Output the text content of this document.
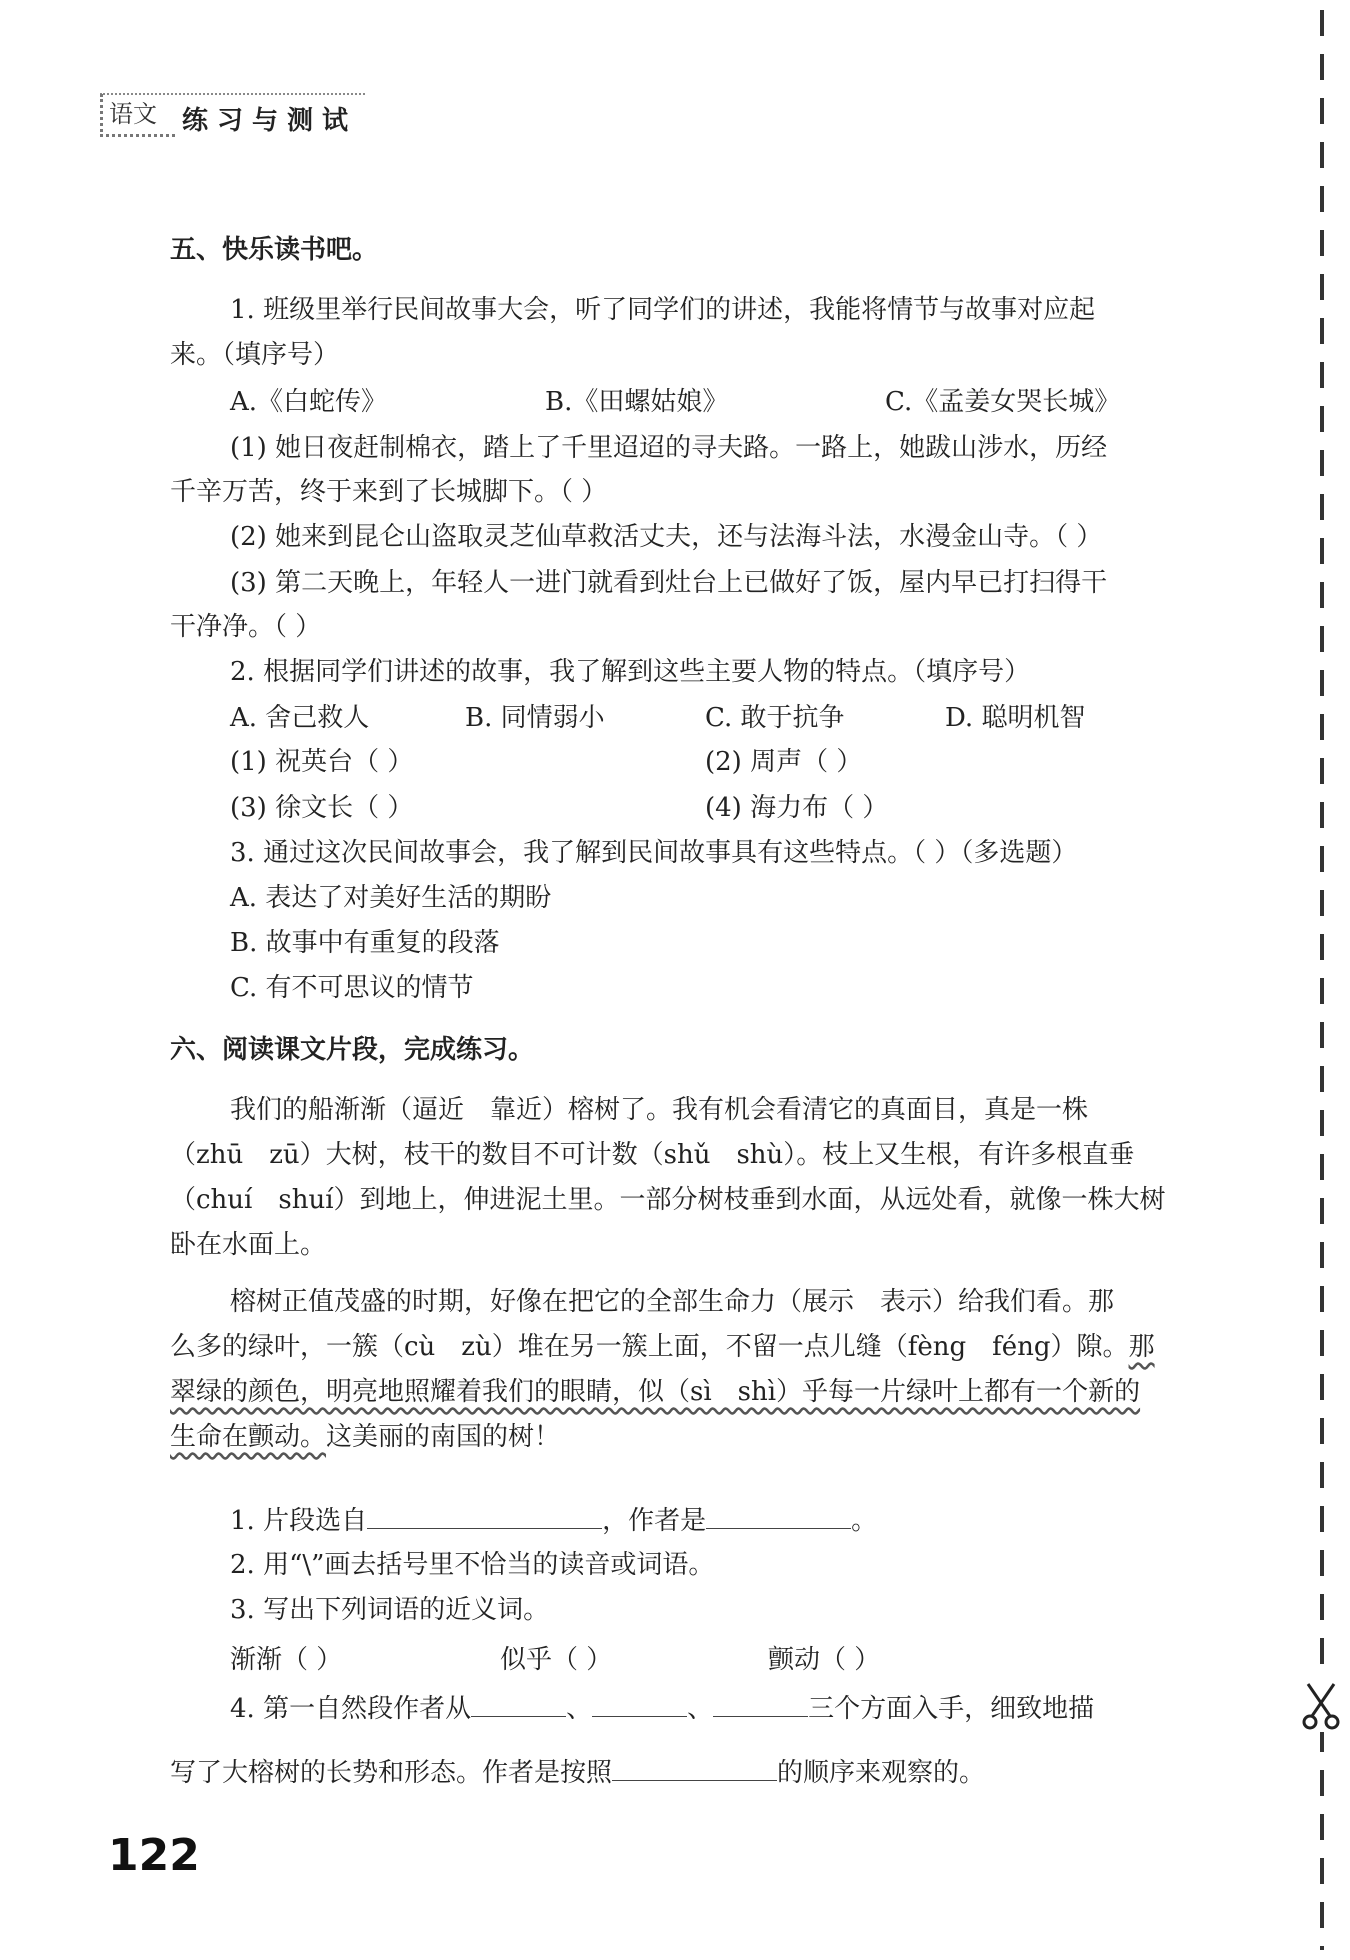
语文 练习与测试
五、快乐读书吧。
1. 班级里举行民间故事大会，听了同学们的讲述，我能将情节与故事对应起
来。（填序号）
A.《白蛇传》	B.《田螺姑娘》	C.《孟姜女哭长城》
(1) 她日夜赶制棉衣，踏上了千里迢迢的寻夫路。一路上，她跋山涉水，历经
千辛万苦，终于来到了长城脚下。（ ）
(2) 她来到昆仑山盗取灵芝仙草救活丈夫，还与法海斗法，水漫金山寺。（ ）
(3) 第二天晚上，年轻人一进门就看到灶台上已做好了饭，屋内早已打扫得干
干净净。（ ）
2. 根据同学们讲述的故事，我了解到这些主要人物的特点。（填序号）
A. 舍己救人	B. 同情弱小	C. 敢于抗争	D. 聪明机智
(1) 祝英台（ ）	(2) 周声（ ）
(3) 徐文长（ ）	(4) 海力布（ ）
3. 通过这次民间故事会，我了解到民间故事具有这些特点。（ ）（多选题）
A. 表达了对美好生活的期盼
B. 故事中有重复的段落
C. 有不可思议的情节
六、阅读课文片段，完成练习。
我们的船渐渐（逼近　靠近）榕树了。我有机会看清它的真面目，真是一株
（zhū　zū）大树，枝干的数目不可计数（shǔ　shù）。枝上又生根，有许多根直垂
（chuí　shuí）到地上，伸进泥土里。一部分树枝垂到水面，从远处看，就像一株大树
卧在水面上。
榕树正值茂盛的时期，好像在把它的全部生命力（展示　表示）给我们看。那
么多的绿叶，一簇（cù　zù）堆在另一簇上面，不留一点儿缝（fèng　féng）隙。那
翠绿的颜色，明亮地照耀着我们的眼睛，似（sì　shì）乎每一片绿叶上都有一个新的
生命在颤动。这美丽的南国的树！
1. 片段选自	，作者是	。
2. 用“\”画去括号里不恰当的读音或词语。
3. 写出下列词语的近义词。
渐渐（ ）	似乎（ ）	颤动（ ）
4. 第一自然段作者从	、	、	三个方面入手，细致地描
写了大榕树的长势和形态。作者是按照	的顺序来观察的。
122
